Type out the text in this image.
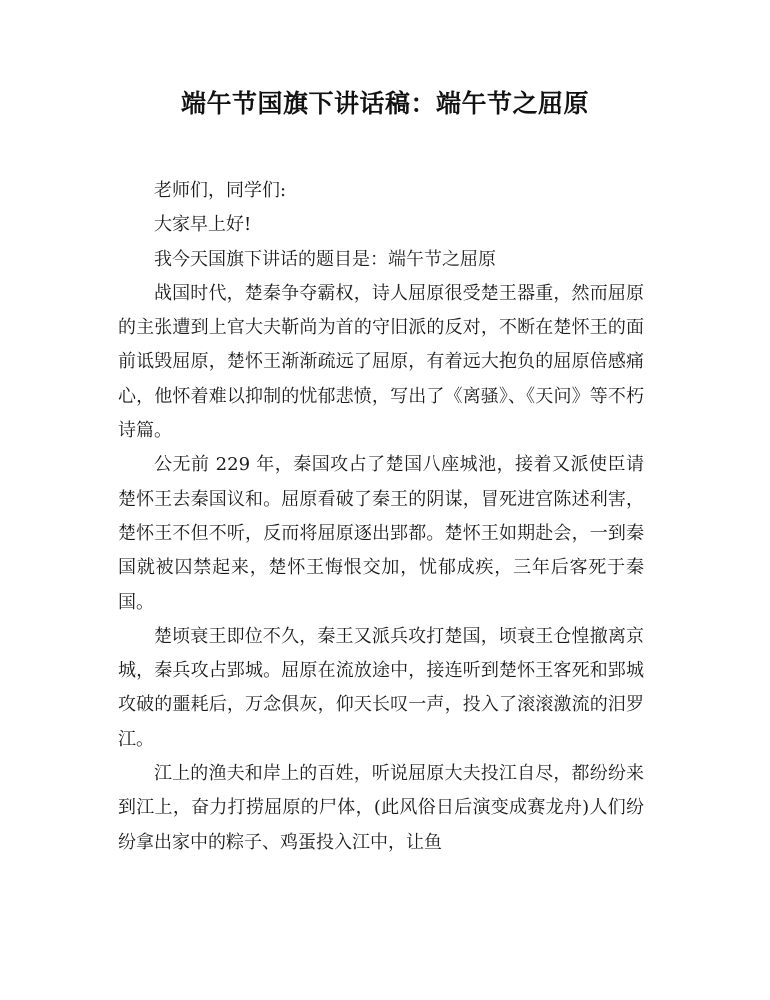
端午节国旗下讲话稿：端午节之屈原

老师们，同学们:

大家早上好!

我今天国旗下讲话的题目是：端午节之屈原

战国时代，楚秦争夺霸权，诗人屈原很受楚王器重，然而屈原的主张遭到上官大夫靳尚为首的守旧派的反对，不断在楚怀王的面前诋毁屈原，楚怀王渐渐疏远了屈原，有着远大抱负的屈原倍感痛心，他怀着难以抑制的忧郁悲愤，写出了《离骚》、《天问》等不朽诗篇。

公无前 229 年，秦国攻占了楚国八座城池，接着又派使臣请楚怀王去秦国议和。屈原看破了秦王的阴谋，冒死进宫陈述利害，楚怀王不但不听，反而将屈原逐出郢都。楚怀王如期赴会，一到秦国就被囚禁起来，楚怀王悔恨交加，忧郁成疾，三年后客死于秦国。

楚顷衰王即位不久，秦王又派兵攻打楚国，顷衰王仓惶撤离京城，秦兵攻占郢城。屈原在流放途中，接连听到楚怀王客死和郢城攻破的噩耗后，万念俱灰，仰天长叹一声，投入了滚滚激流的汨罗江。

江上的渔夫和岸上的百姓，听说屈原大夫投江自尽，都纷纷来到江上，奋力打捞屈原的尸体，(此风俗日后演变成赛龙舟)人们纷纷拿出家中的粽子、鸡蛋投入江中，让鱼
